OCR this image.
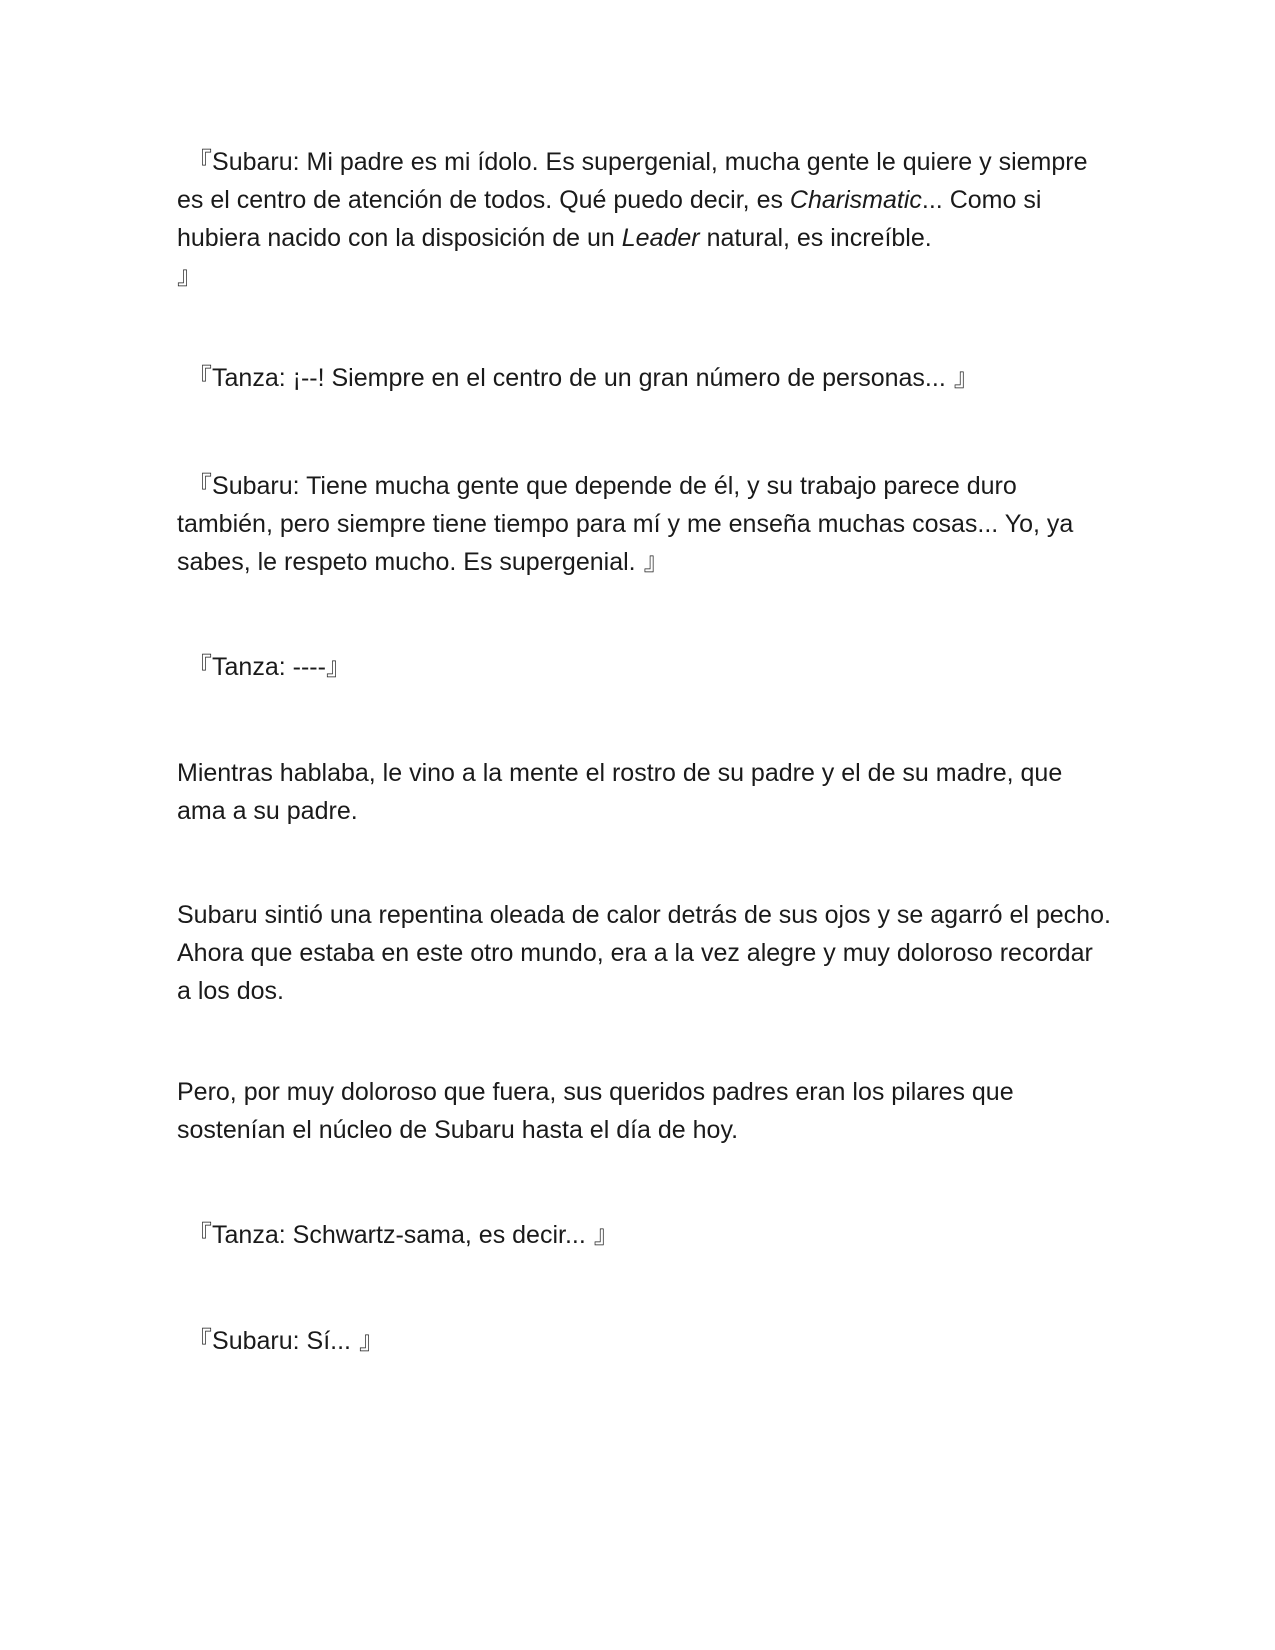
『Subaru: Mi padre es mi ídolo. Es supergenial, mucha gente le quiere y siempre es el centro de atención de todos. Qué puedo decir, es Charismatic... Como si hubiera nacido con la disposición de un Leader natural, es increíble.
』

『Tanza: ¡--! Siempre en el centro de un gran número de personas... 』

『Subaru: Tiene mucha gente que depende de él, y su trabajo parece duro también, pero siempre tiene tiempo para mí y me enseña muchas cosas... Yo, ya sabes, le respeto mucho. Es supergenial. 』

『Tanza: ----』

Mientras hablaba, le vino a la mente el rostro de su padre y el de su madre, que ama a su padre.

Subaru sintió una repentina oleada de calor detrás de sus ojos y se agarró el pecho. Ahora que estaba en este otro mundo, era a la vez alegre y muy doloroso recordar a los dos.

Pero, por muy doloroso que fuera, sus queridos padres eran los pilares que sostenían el núcleo de Subaru hasta el día de hoy.

『Tanza: Schwartz-sama, es decir... 』

『Subaru: Sí... 』
